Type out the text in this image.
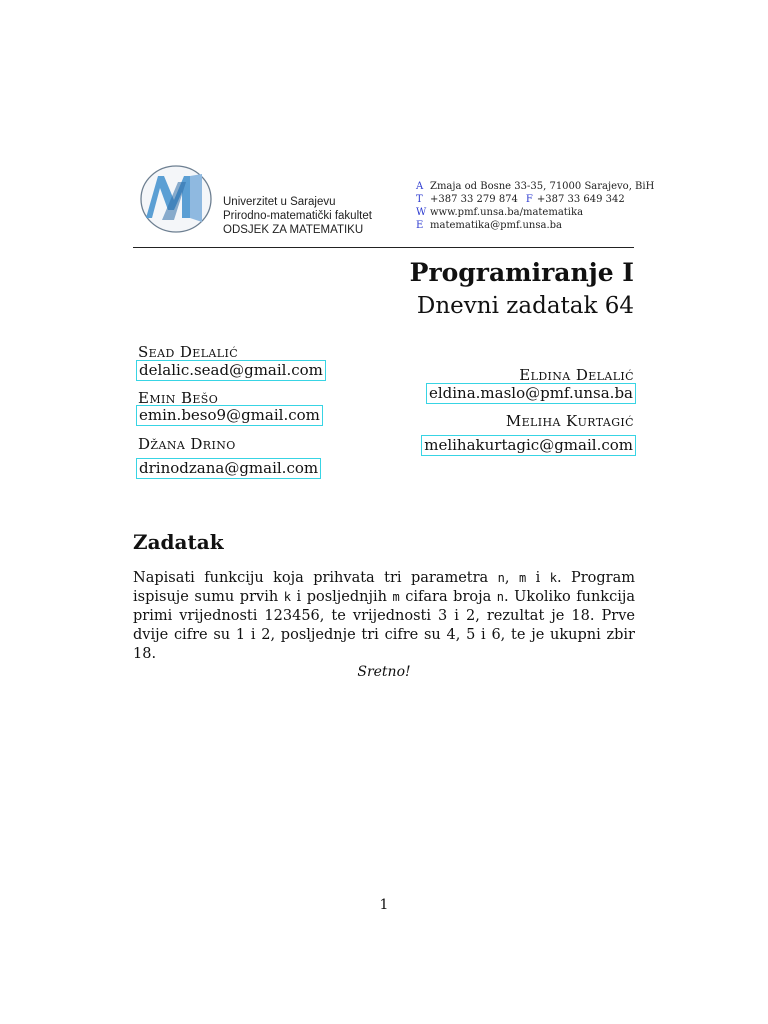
Univerzitet u Sarajevu
Prirodno-matematički fakultet
ODSJEK ZA MATEMATIKU
A Zmaja od Bosne 33-35, 71000 Sarajevo, BiH
T +387 33 279 874 F +387 33 649 342
W www.pmf.unsa.ba/matematika
E matematika@pmf.unsa.ba
Programiranje I
Dnevni zadatak 64
Sead Delalić
delalic.sead@gmail.com
Emin Bešo
emin.beso9@gmail.com
Džana Drino
drinodzana@gmail.com
Eldina Delalić
eldina.maslo@pmf.unsa.ba
Meliha Kurtagić
melihakurtagic@gmail.com
Zadatak
Napisati funkciju koja prihvata tri parametra n, m i k. Program ispisuje sumu prvih k i posljednjih m cifara broja n. Ukoliko funkcija primi vrijednosti 123456, te vrijednosti 3 i 2, rezultat je 18. Prve dvije cifre su 1 i 2, posljednje tri cifre su 4, 5 i 6, te je ukupni zbir 18.
Sretno!
1
